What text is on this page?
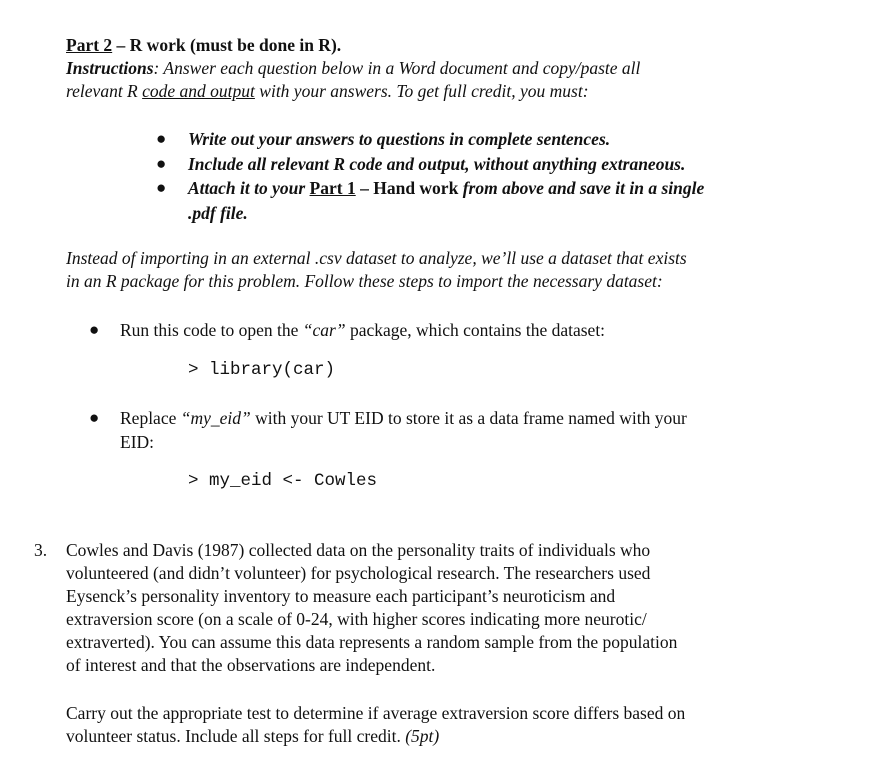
Part 2 – R work (must be done in R).
Instructions: Answer each question below in a Word document and copy/paste all
relevant R code and output with your answers. To get full credit, you must:
● Write out your answers to questions in complete sentences.
● Include all relevant R code and output, without anything extraneous.
● Attach it to your Part 1 – Hand work from above and save it in a single
.pdf file.
Instead of importing in an external .csv dataset to analyze, we’ll use a dataset that exists
in an R package for this problem. Follow these steps to import the necessary dataset:
● Run this code to open the “car” package, which contains the dataset:
> library(car)
● Replace “my_eid” with your UT EID to store it as a data frame named with your
EID:
> my_eid <- Cowles
3. Cowles and Davis (1987) collected data on the personality traits of individuals who
volunteered (and didn’t volunteer) for psychological research. The researchers used
Eysenck’s personality inventory to measure each participant’s neuroticism and
extraversion score (on a scale of 0-24, with higher scores indicating more neurotic/
extraverted). You can assume this data represents a random sample from the population
of interest and that the observations are independent.
Carry out the appropriate test to determine if average extraversion score differs based on
volunteer status. Include all steps for full credit. (5pt)
